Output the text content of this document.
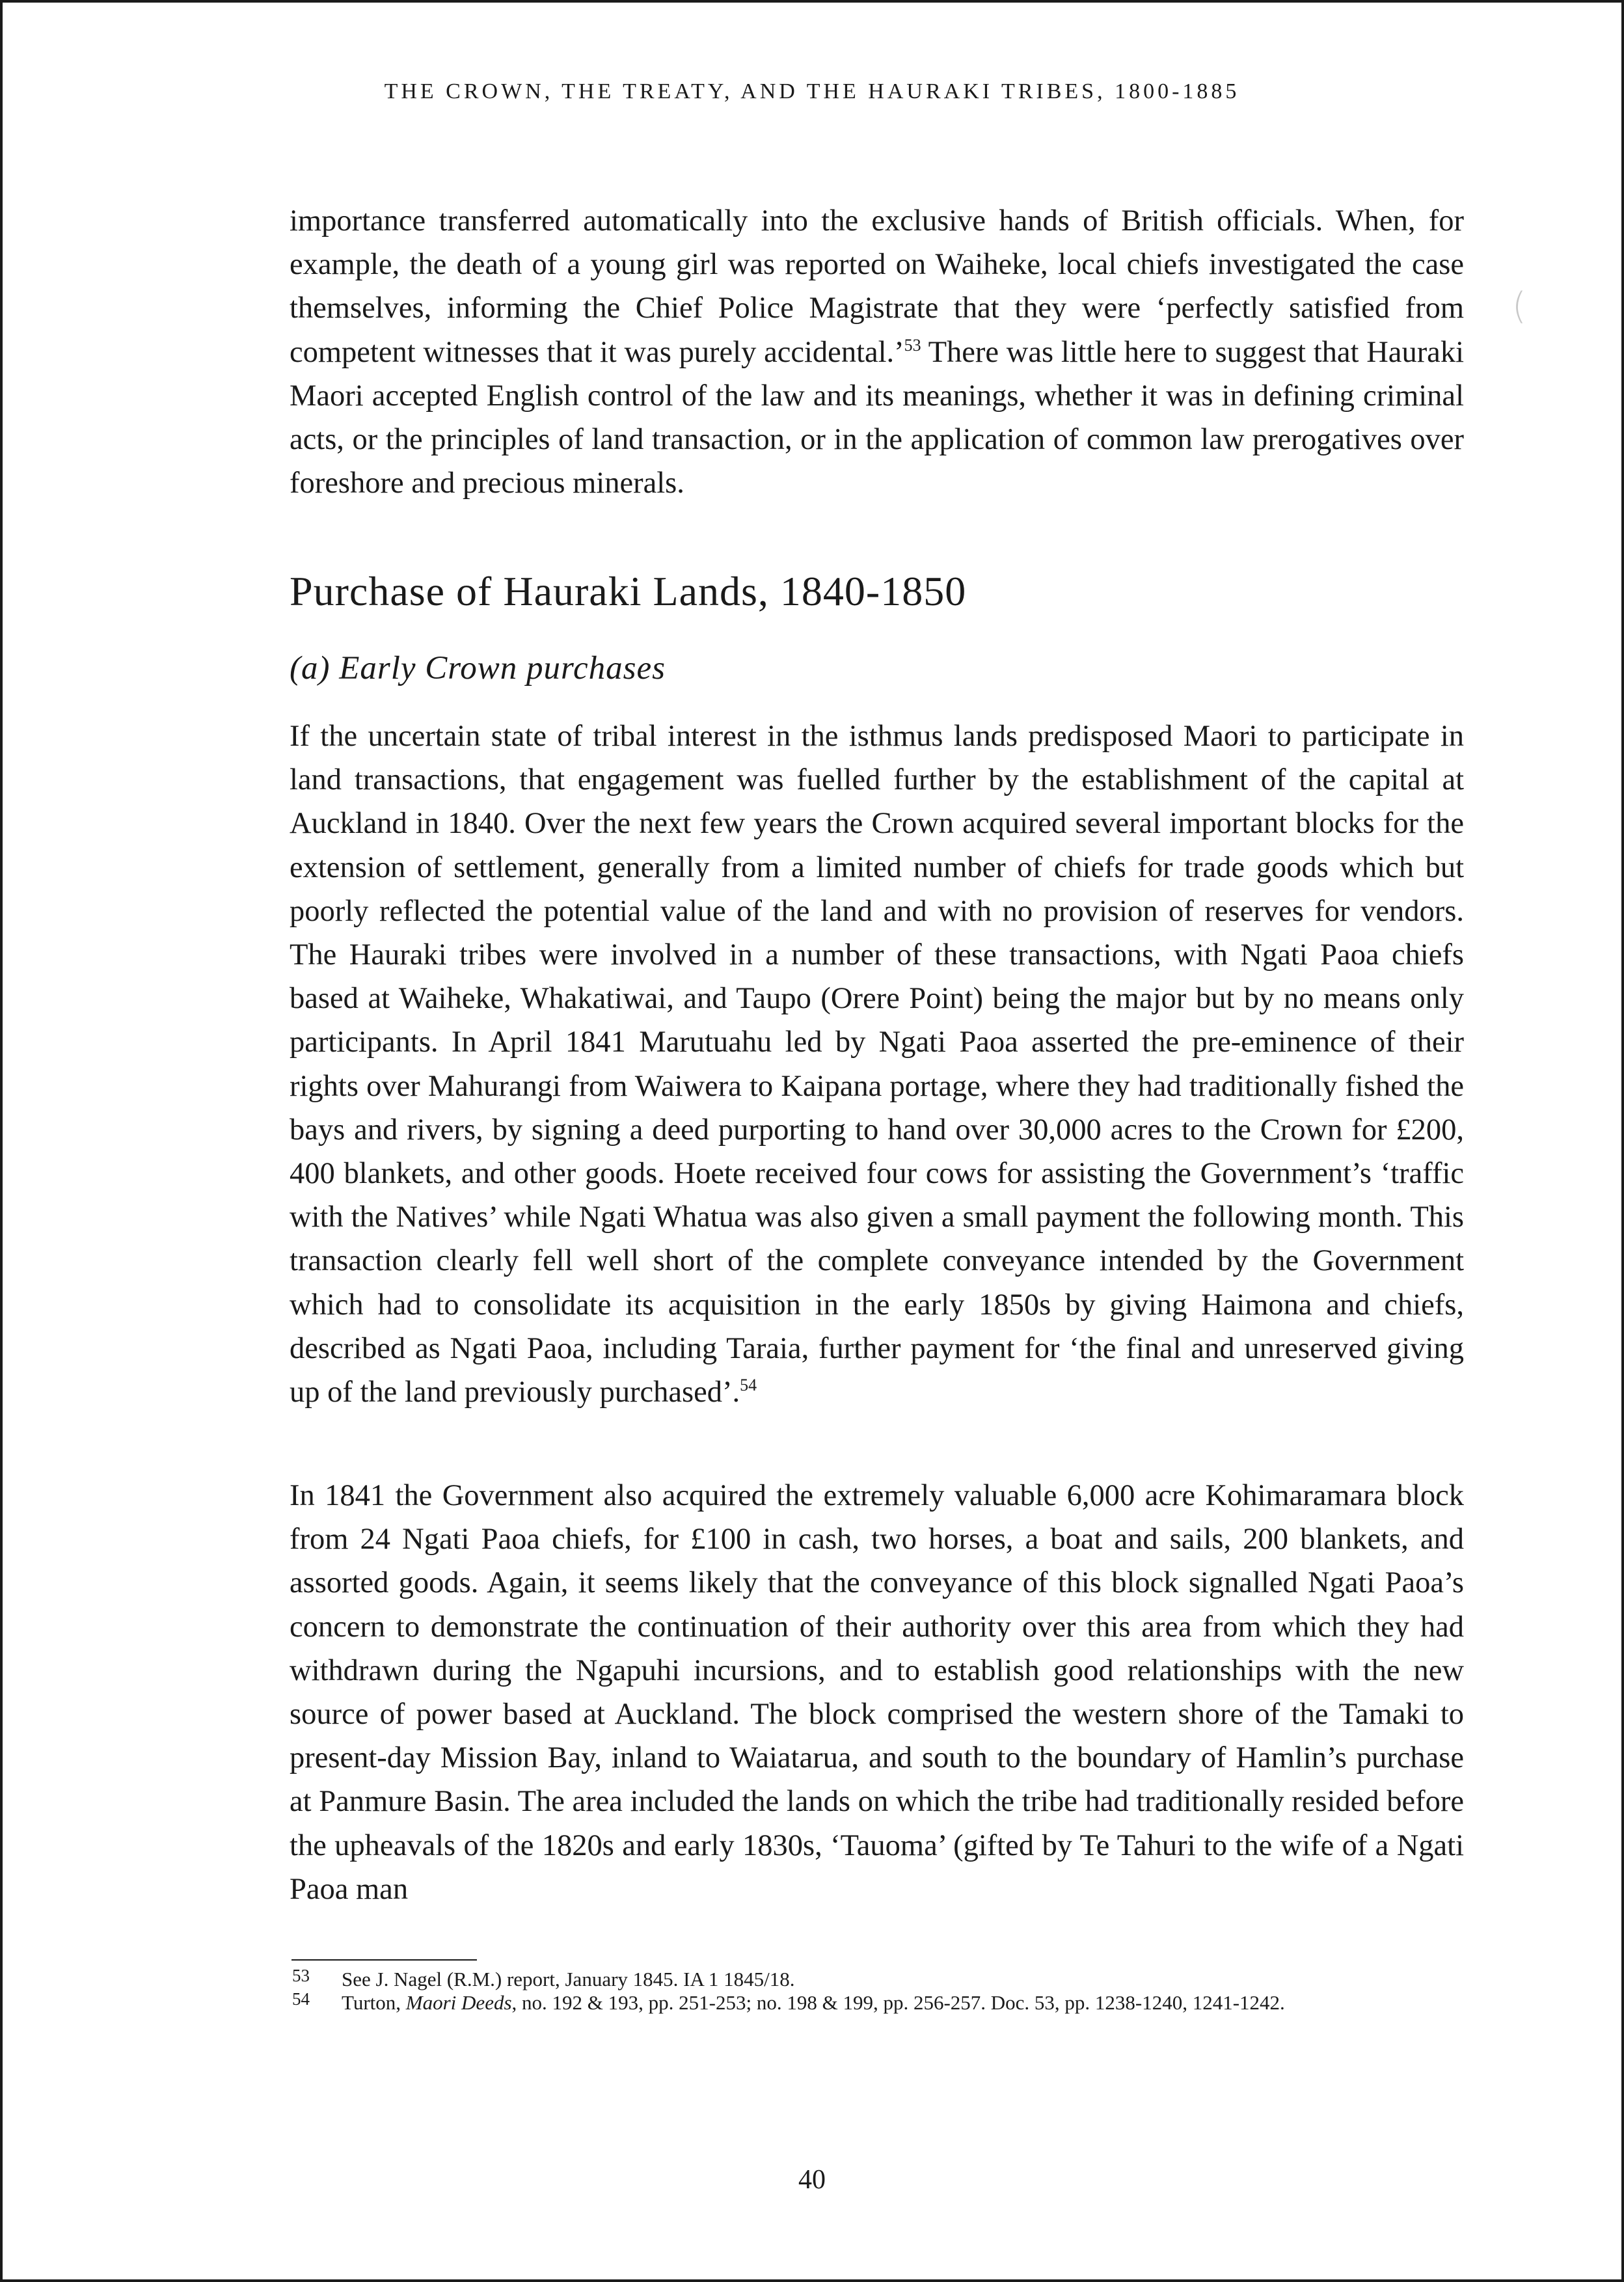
THE CROWN, THE TREATY, AND THE HAURAKI TRIBES, 1800-1885
(

importance transferred automatically into the exclusive hands of British officials. When, for example, the death of a young girl was reported on Waiheke, local chiefs investigated the case themselves, informing the Chief Police Magistrate that they were ‘perfectly satisfied from competent witnesses that it was purely accidental.’$^{53}$ There was little here to suggest that Hauraki Maori accepted English control of the law and its meanings, whether it was in defining criminal acts, or the principles of land transaction, or in the application of common law prerogatives over foreshore and precious minerals.

Purchase of Hauraki Lands, 1840-1850
(a) Early Crown purchases

If the uncertain state of tribal interest in the isthmus lands predisposed Maori to participate in land transactions, that engagement was fuelled further by the establishment of the capital at Auckland in 1840. Over the next few years the Crown acquired several important blocks for the extension of settlement, generally from a limited number of chiefs for trade goods which but poorly reflected the potential value of the land and with no provision of reserves for vendors. The Hauraki tribes were involved in a number of these transactions, with Ngati Paoa chiefs based at Waiheke, Whakatiwai, and Taupo (Orere Point) being the major but by no means only participants. In April 1841 Marutuahu led by Ngati Paoa asserted the pre-eminence of their rights over Mahurangi from Waiwera to Kaipana portage, where they had traditionally fished the bays and rivers, by signing a deed purporting to hand over 30,000 acres to the Crown for £200, 400 blankets, and other goods. Hoete received four cows for assisting the Government’s ‘traffic with the Natives’ while Ngati Whatua was also given a small payment the following month. This transaction clearly fell well short of the complete conveyance intended by the Government which had to consolidate its acquisition in the early 1850s by giving Haimona and chiefs, described as Ngati Paoa, including Taraia, further payment for ‘the final and unreserved giving up of the land previously purchased’.$^{54}$

In 1841 the Government also acquired the extremely valuable 6,000 acre Kohimaramara block from 24 Ngati Paoa chiefs, for £100 in cash, two horses, a boat and sails, 200 blankets, and assorted goods. Again, it seems likely that the conveyance of this block signalled Ngati Paoa’s concern to demonstrate the continuation of their authority over this area from which they had withdrawn during the Ngapuhi incursions, and to establish good relationships with the new source of power based at Auckland. The block comprised the western shore of the Tamaki to present-day Mission Bay, inland to Waiatarua, and south to the boundary of Hamlin’s purchase at Panmure Basin. The area included the lands on which the tribe had traditionally resided before the upheavals of the 1820s and early 1830s, ‘Tauoma’ (gifted by Te Tahuri to the wife of a Ngati Paoa man

53 See J. Nagel (R.M.) report, January 1845. IA 1 1845/18.
54 Turton, Maori Deeds, no. 192 & 193, pp. 251-253; no. 198 & 199, pp. 256-257. Doc. 53, pp. 1238-1240, 1241-1242.
40
